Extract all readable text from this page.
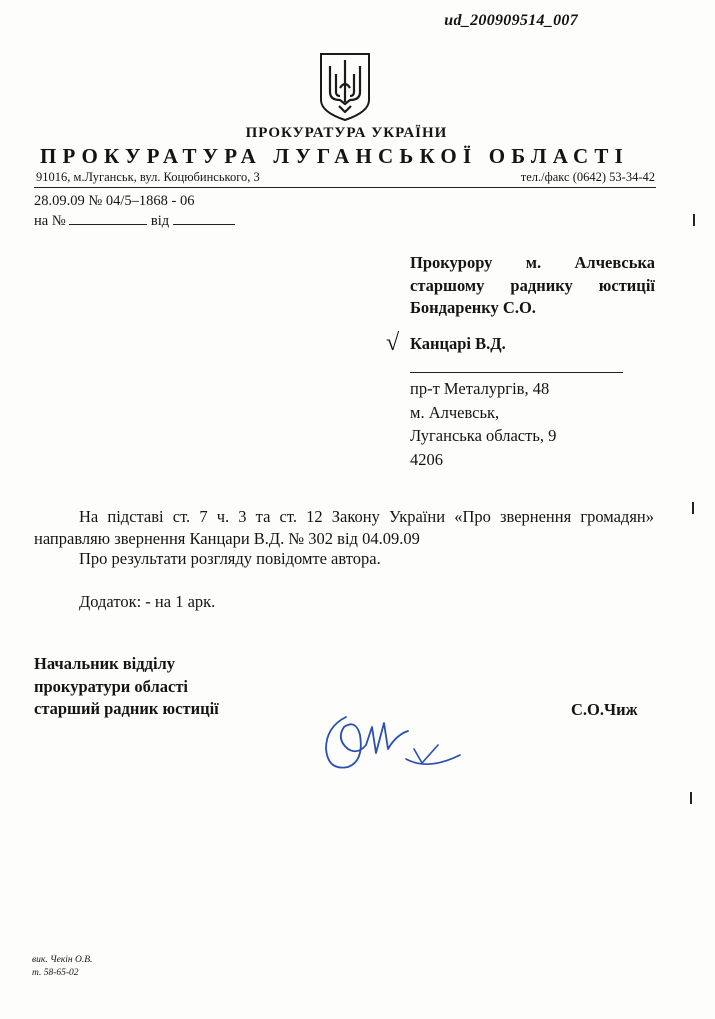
ud_200909514_007
ПРОКУРАТУРА УКРАЇНИ
ПРОКУРАТУРА ЛУГАНСЬКОЇ ОБЛАСТІ
91016, м.Луганськ, вул. Коцюбинського, 3	тел./факс (0642) 53-34-42
28.09.09 № 04/5–1868 - 06
на №	від
Прокурору м. Алчевська
старшому раднику юстиції
Бондаренку С.О.
√ Канцарі В.Д.
пр-т Металургів, 48
м. Алчевськ,
Луганська область, 9
4206
На підставі ст. 7 ч. 3 та ст. 12 Закону України «Про звернення громадян» направляю звернення Канцари В.Д. № 302 від 04.09.09
Про результати розгляду повідомте автора.
Додаток: - на 1 арк.
Начальник відділу
прокуратури області
старший радник юстиції	С.О.Чиж
вик. Чекін О.В.
т. 58-65-02
